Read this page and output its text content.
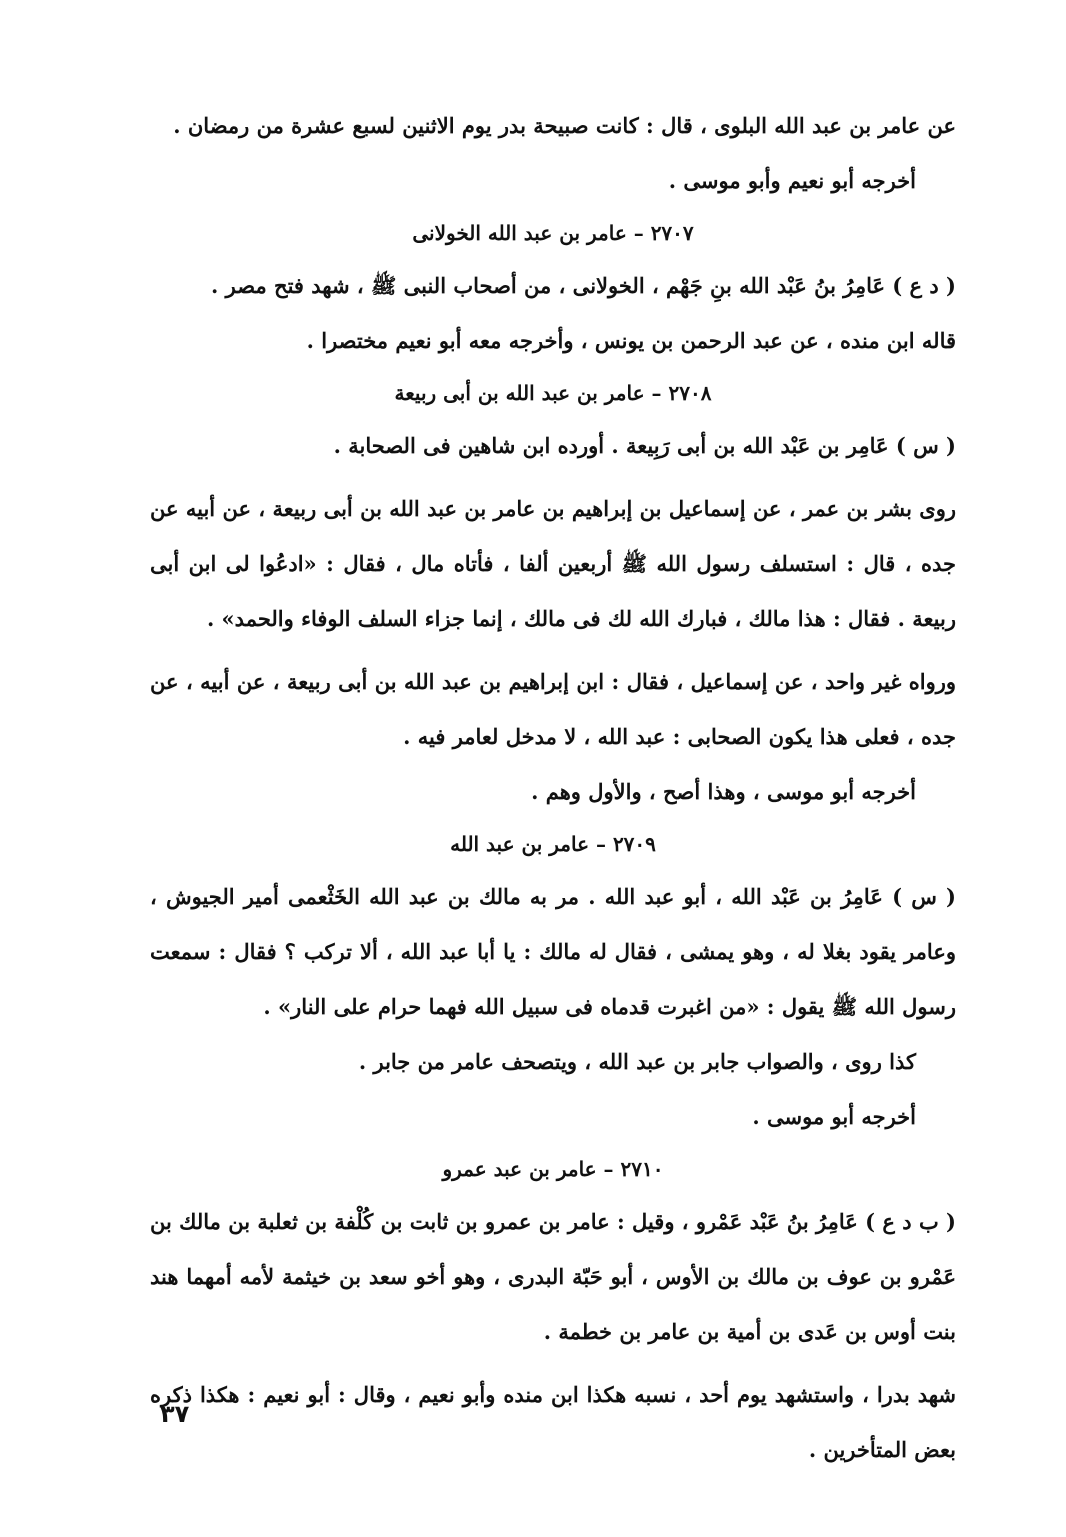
عن عامر بن عبد الله البلوى ، قال : كانت صبيحة بدر يوم الاثنين لسبع عشرة من رمضان .

أخرجه أبو نعيم وأبو موسى .

٢٧٠٧ – عامر بن عبد الله الخولانى

( د ع ) عَامِرُ بنُ عَبْد الله بنِ جَهْم ، الخولانى ، من أصحاب النبى ﷺ ، شهد فتح مصر .

قاله ابن منده ، عن عبد الرحمن بن يونس ، وأخرجه معه أبو نعيم مختصرا .

٢٧٠٨ – عامر بن عبد الله بن أبى ربيعة

( س ) عَامِر بن عَبْد الله بن أبى رَبِيعة . أورده ابن شاهين فى الصحابة .

روى بشر بن عمر ، عن إسماعيل بن إبراهيم بن عامر بن عبد الله بن أبى ربيعة ، عن أبيه عن جده ، قال : استسلف رسول الله ﷺ أربعين ألفا ، فأتاه مال ، فقال : «ادعُوا لى ابن أبى ربيعة . فقال : هذا مالك ، فبارك الله لك فى مالك ، إنما جزاء السلف الوفاء والحمد» .

ورواه غير واحد ، عن إسماعيل ، فقال : ابن إبراهيم بن عبد الله بن أبى ربيعة ، عن أبيه ، عن جده ، فعلى هذا يكون الصحابى : عبد الله ، لا مدخل لعامر فيه .

أخرجه أبو موسى ، وهذا أصح ، والأول وهم .

٢٧٠٩ – عامر بن عبد الله

( س ) عَامِرُ بن عَبْد الله ، أبو عبد الله . مر به مالك بن عبد الله الخَثْعمى أمير الجيوش ، وعامر يقود بغلا له ، وهو يمشى ، فقال له مالك : يا أبا عبد الله ، ألا تركب ؟ فقال : سمعت رسول الله ﷺ يقول : «من اغبرت قدماه فى سبيل الله فهما حرام على النار» .

كذا روى ، والصواب جابر بن عبد الله ، ويتصحف عامر من جابر .

أخرجه أبو موسى .

٢٧١٠ – عامر بن عبد عمرو

( ب د ع ) عَامِرُ بنُ عَبْد عَمْرو ، وقيل : عامر بن عمرو بن ثابت بن كُلْفة بن ثعلبة بن مالك بن عَمْرو بن عوف بن مالك بن الأوس ، أبو حَبّة البدرى ، وهو أخو سعد بن خيثمة لأمه أمهما هند بنت أوس بن عَدى بن أمية بن عامر بن خطمة .

شهد بدرا ، واستشهد يوم أحد ، نسبه هكذا ابن منده وأبو نعيم ، وقال : أبو نعيم : هكذا ذكره بعض المتأخرين .

٣٧
